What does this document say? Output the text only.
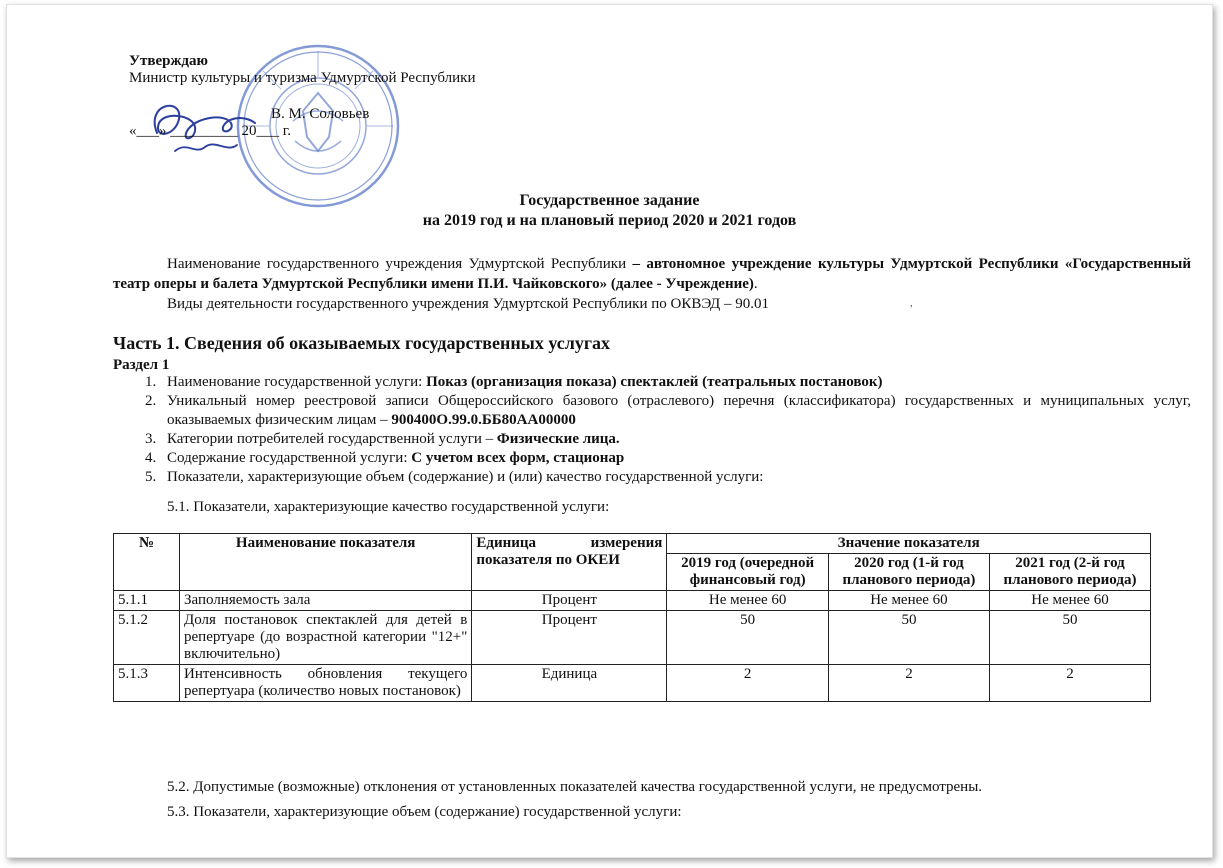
Утверждаю
Министр культуры и туризма Удмуртской Республики
В. М. Соловьев
«___» _________ 20___ г.
Государственное задание
на 2019 год и на плановый период 2020 и 2021 годов
Наименование государственного учреждения Удмуртской Республики – автономное учреждение культуры Удмуртской Республики «Государственный театр оперы и балета Удмуртской Республики имени П.И. Чайковского» (далее - Учреждение).
Виды деятельности государственного учреждения Удмуртской Республики по ОКВЭД – 90.01	,
Часть 1. Сведения об оказываемых государственных услугах
Раздел 1
1. Наименование государственной услуги: Показ (организация показа) спектаклей (театральных постановок)
2. Уникальный номер реестровой записи Общероссийского базового (отраслевого) перечня (классификатора) государственных и муниципальных услуг, оказываемых физическим лицам – 900400О.99.0.ББ80АА00000
3. Категории потребителей государственной услуги – Физические лица.
4. Содержание государственной услуги: С учетом всех форм, стационар
5. Показатели, характеризующие объем (содержание) и (или) качество государственной услуги:
5.1. Показатели, характеризующие качество государственной услуги:
№	Наименование показателя	Единица измерения показателя по ОКЕИ	Значение показателя		
			2019 год (очередной финансовый год)	2020 год (1-й год планового периода)	2021 год (2-й год планового периода)
5.1.1	Заполняемость зала	Процент	Не менее 60	Не менее 60	Не менее 60
5.1.2	Доля постановок спектаклей для детей в репертуаре (до возрастной категории "12+" включительно)	Процент	50	50	50
5.1.3	Интенсивность обновления текущего репертуара (количество новых постановок)	Единица	2	2	2
5.2. Допустимые (возможные) отклонения от установленных показателей качества государственной услуги, не предусмотрены.
5.3. Показатели, характеризующие объем (содержание) государственной услуги:
